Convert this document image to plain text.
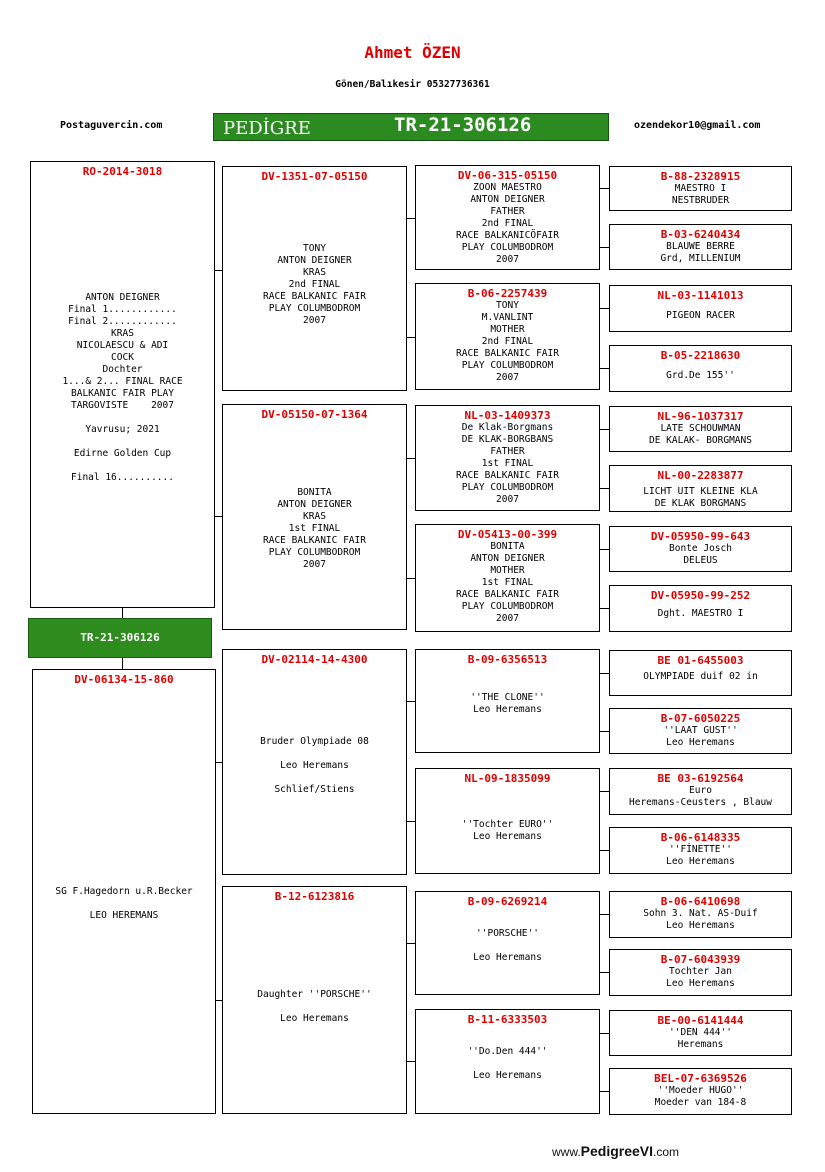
Ahmet ÖZEN
Gönen/Balıkesir 05327736361
Postaguvercin.com	ozendekor10@gmail.com
PEDİGRE	TR-21-306126
RO-2014-3018
ANTON DEIGNER
Final 1............
Final 2............
KRAS
NICOLAESCU & ADI
COCK
Dochter
1...& 2... FINAL RACE
BALKANIC FAIR PLAY
TARGOVISTE    2007

Yavrusu; 2021

Edirne Golden Cup

Final 16..........
DV-06134-15-860
SG F.Hagedorn u.R.Becker

LEO HEREMANS
DV-1351-07-05150
TONY
ANTON DEIGNER
KRAS
2nd FINAL
RACE BALKANIC FAIR
PLAY COLUMBODROM
2007
DV-05150-07-1364
BONITA
ANTON DEIGNER
KRAS
1st FINAL
RACE BALKANIC FAIR
PLAY COLUMBODROM
2007
DV-02114-14-4300
Bruder Olympiade 08

Leo Heremans

Schlief/Stiens
B-12-6123816
Daughter ''PORSCHE''

Leo Heremans
DV-06-315-05150
ZOON MAESTRO
ANTON DEIGNER
FATHER
2nd FINAL
RACE BALKANICÖFAIR
PLAY COLUMBODROM
2007
B-06-2257439
TONY
M.VANLINT
MOTHER
2nd FINAL
RACE BALKANIC FAIR
PLAY COLUMBODROM
2007
NL-03-1409373
De Klak-Borgmans
DE KLAK-BORGBANS
FATHER
1st FINAL
RACE BALKANIC FAIR
PLAY COLUMBODROM
2007
DV-05413-00-399
BONITA
ANTON DEIGNER
MOTHER
1st FINAL
RACE BALKANIC FAIR
PLAY COLUMBODROM
2007
B-09-6356513
''THE CLONE''
Leo Heremans
NL-09-1835099
''Tochter EURO''
Leo Heremans
B-09-6269214
''PORSCHE''

Leo Heremans
B-11-6333503
''Do.Den 444''

Leo Heremans
B-88-2328915
MAESTRO I
NESTBRUDER
B-03-6240434
BLAUWE BERRE
Grd, MILLENIUM
NL-03-1141013
PIGEON RACER
B-05-2218630
Grd.De 155''
NL-96-1037317
LATE SCHOUWMAN
DE KALAK- BORGMANS
NL-00-2283877
LICHT UIT KLEINE KLA
DE KLAK BORGMANS
DV-05950-99-643
Bonte Josch
DELEUS
DV-05950-99-252
Dght. MAESTRO I
BE 01-6455003
OLYMPIADE duif 02 in
B-07-6050225
''LAAT GUST''
Leo Heremans
BE 03-6192564
Euro
Heremans-Ceusters , Blauw
B-06-6148335
''FİNETTE''
Leo Heremans
B-06-6410698
Sohn 3. Nat. AS-Duif
Leo Heremans
B-07-6043939
Tochter Jan
Leo Heremans
BE-00-6141444
''DEN 444''
Heremans
BEL-07-6369526
''Moeder HUGO''
Moeder van 184-8
TR-21-306126
www.PedigreeVI.com
